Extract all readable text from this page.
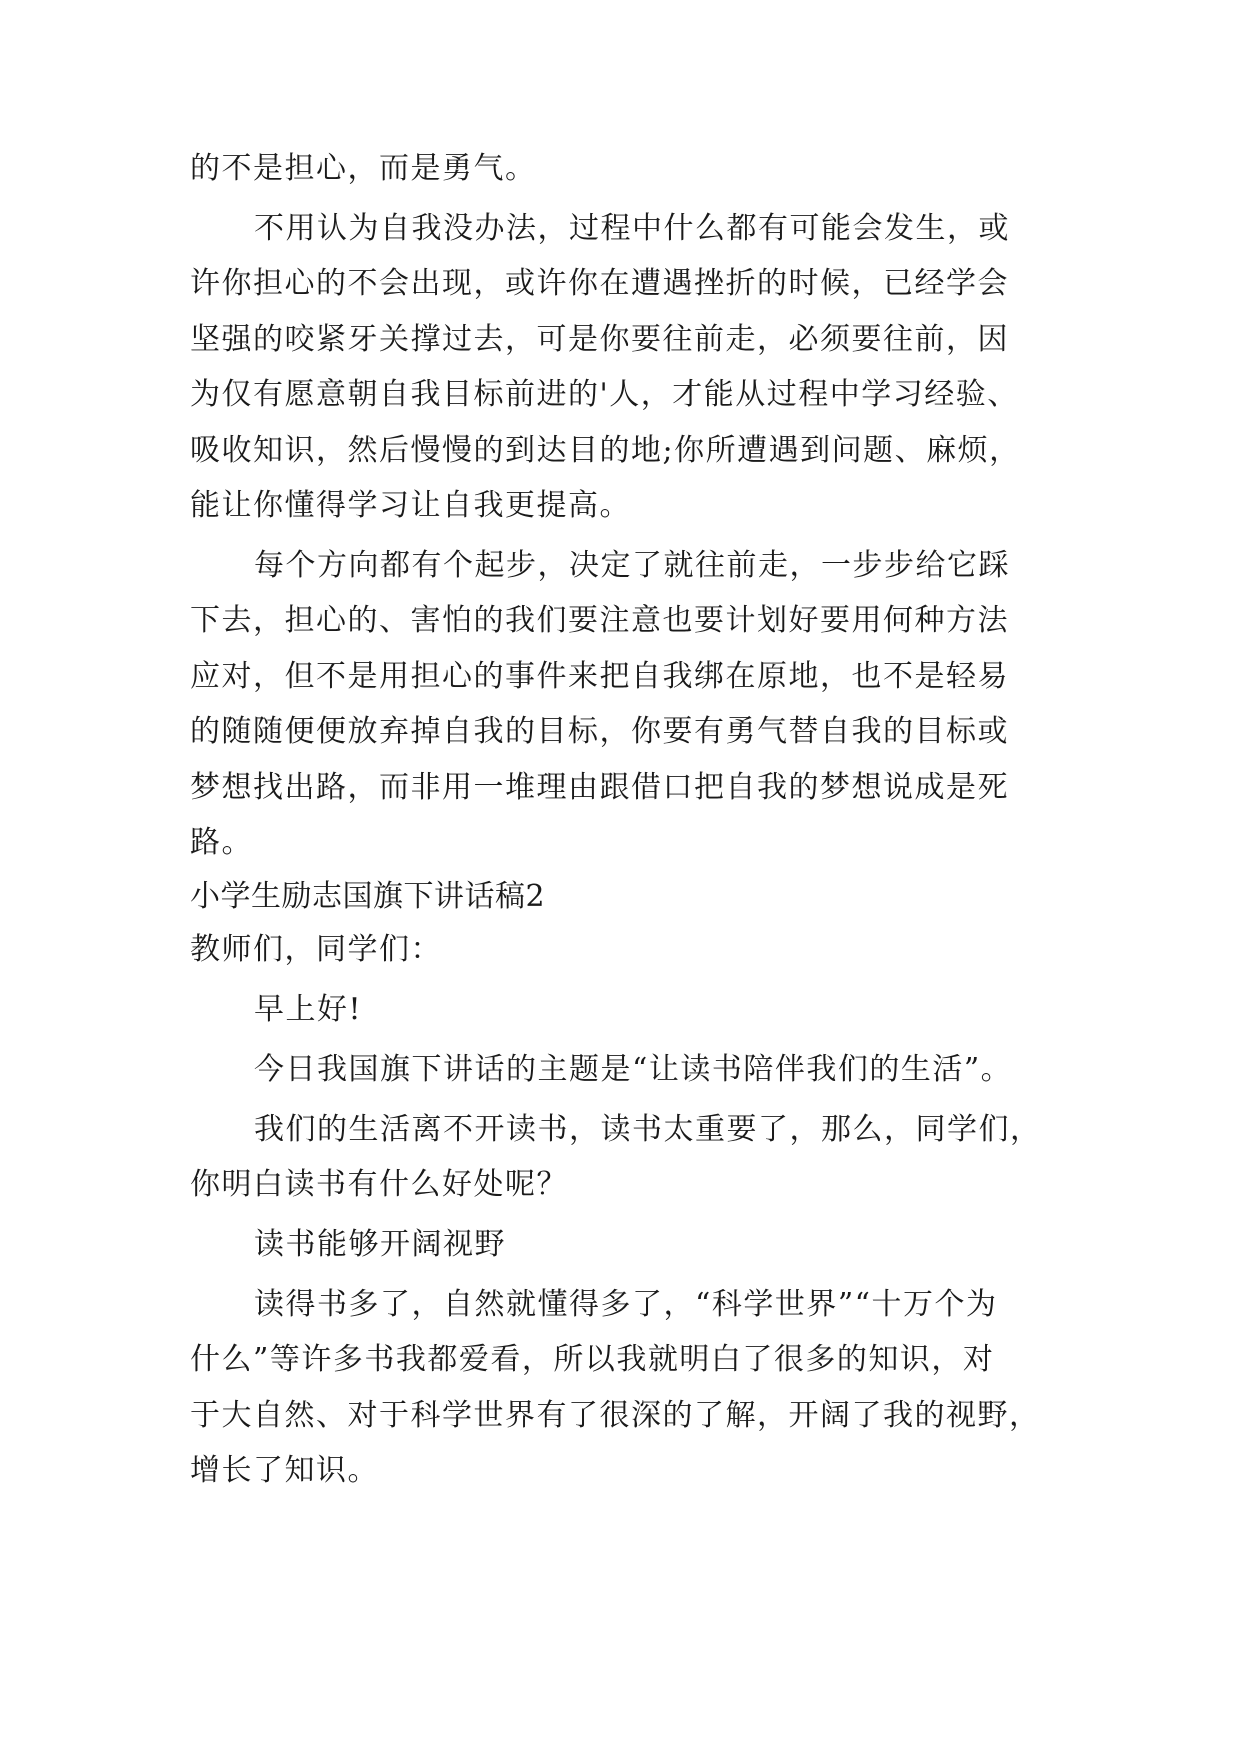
的不是担心，而是勇气。
不用认为自我没办法，过程中什么都有可能会发生，或
许你担心的不会出现，或许你在遭遇挫折的时候，已经学会
坚强的咬紧牙关撑过去，可是你要往前走，必须要往前，因
为仅有愿意朝自我目标前进的'人，才能从过程中学习经验、
吸收知识，然后慢慢的到达目的地;你所遭遇到问题、麻烦，
能让你懂得学习让自我更提高。
每个方向都有个起步，决定了就往前走，一步步给它踩
下去，担心的、害怕的我们要注意也要计划好要用何种方法
应对，但不是用担心的事件来把自我绑在原地，也不是轻易
的随随便便放弃掉自我的目标，你要有勇气替自我的目标或
梦想找出路，而非用一堆理由跟借口把自我的梦想说成是死
路。
小学生励志国旗下讲话稿2
教师们，同学们：
早上好!
今日我国旗下讲话的主题是“让读书陪伴我们的生活”。
我们的生活离不开读书，读书太重要了，那么，同学们，
你明白读书有什么好处呢？
读书能够开阔视野
读得书多了，自然就懂得多了，“科学世界”“十万个为
什么”等许多书我都爱看，所以我就明白了很多的知识，对
于大自然、对于科学世界有了很深的了解，开阔了我的视野，
增长了知识。
